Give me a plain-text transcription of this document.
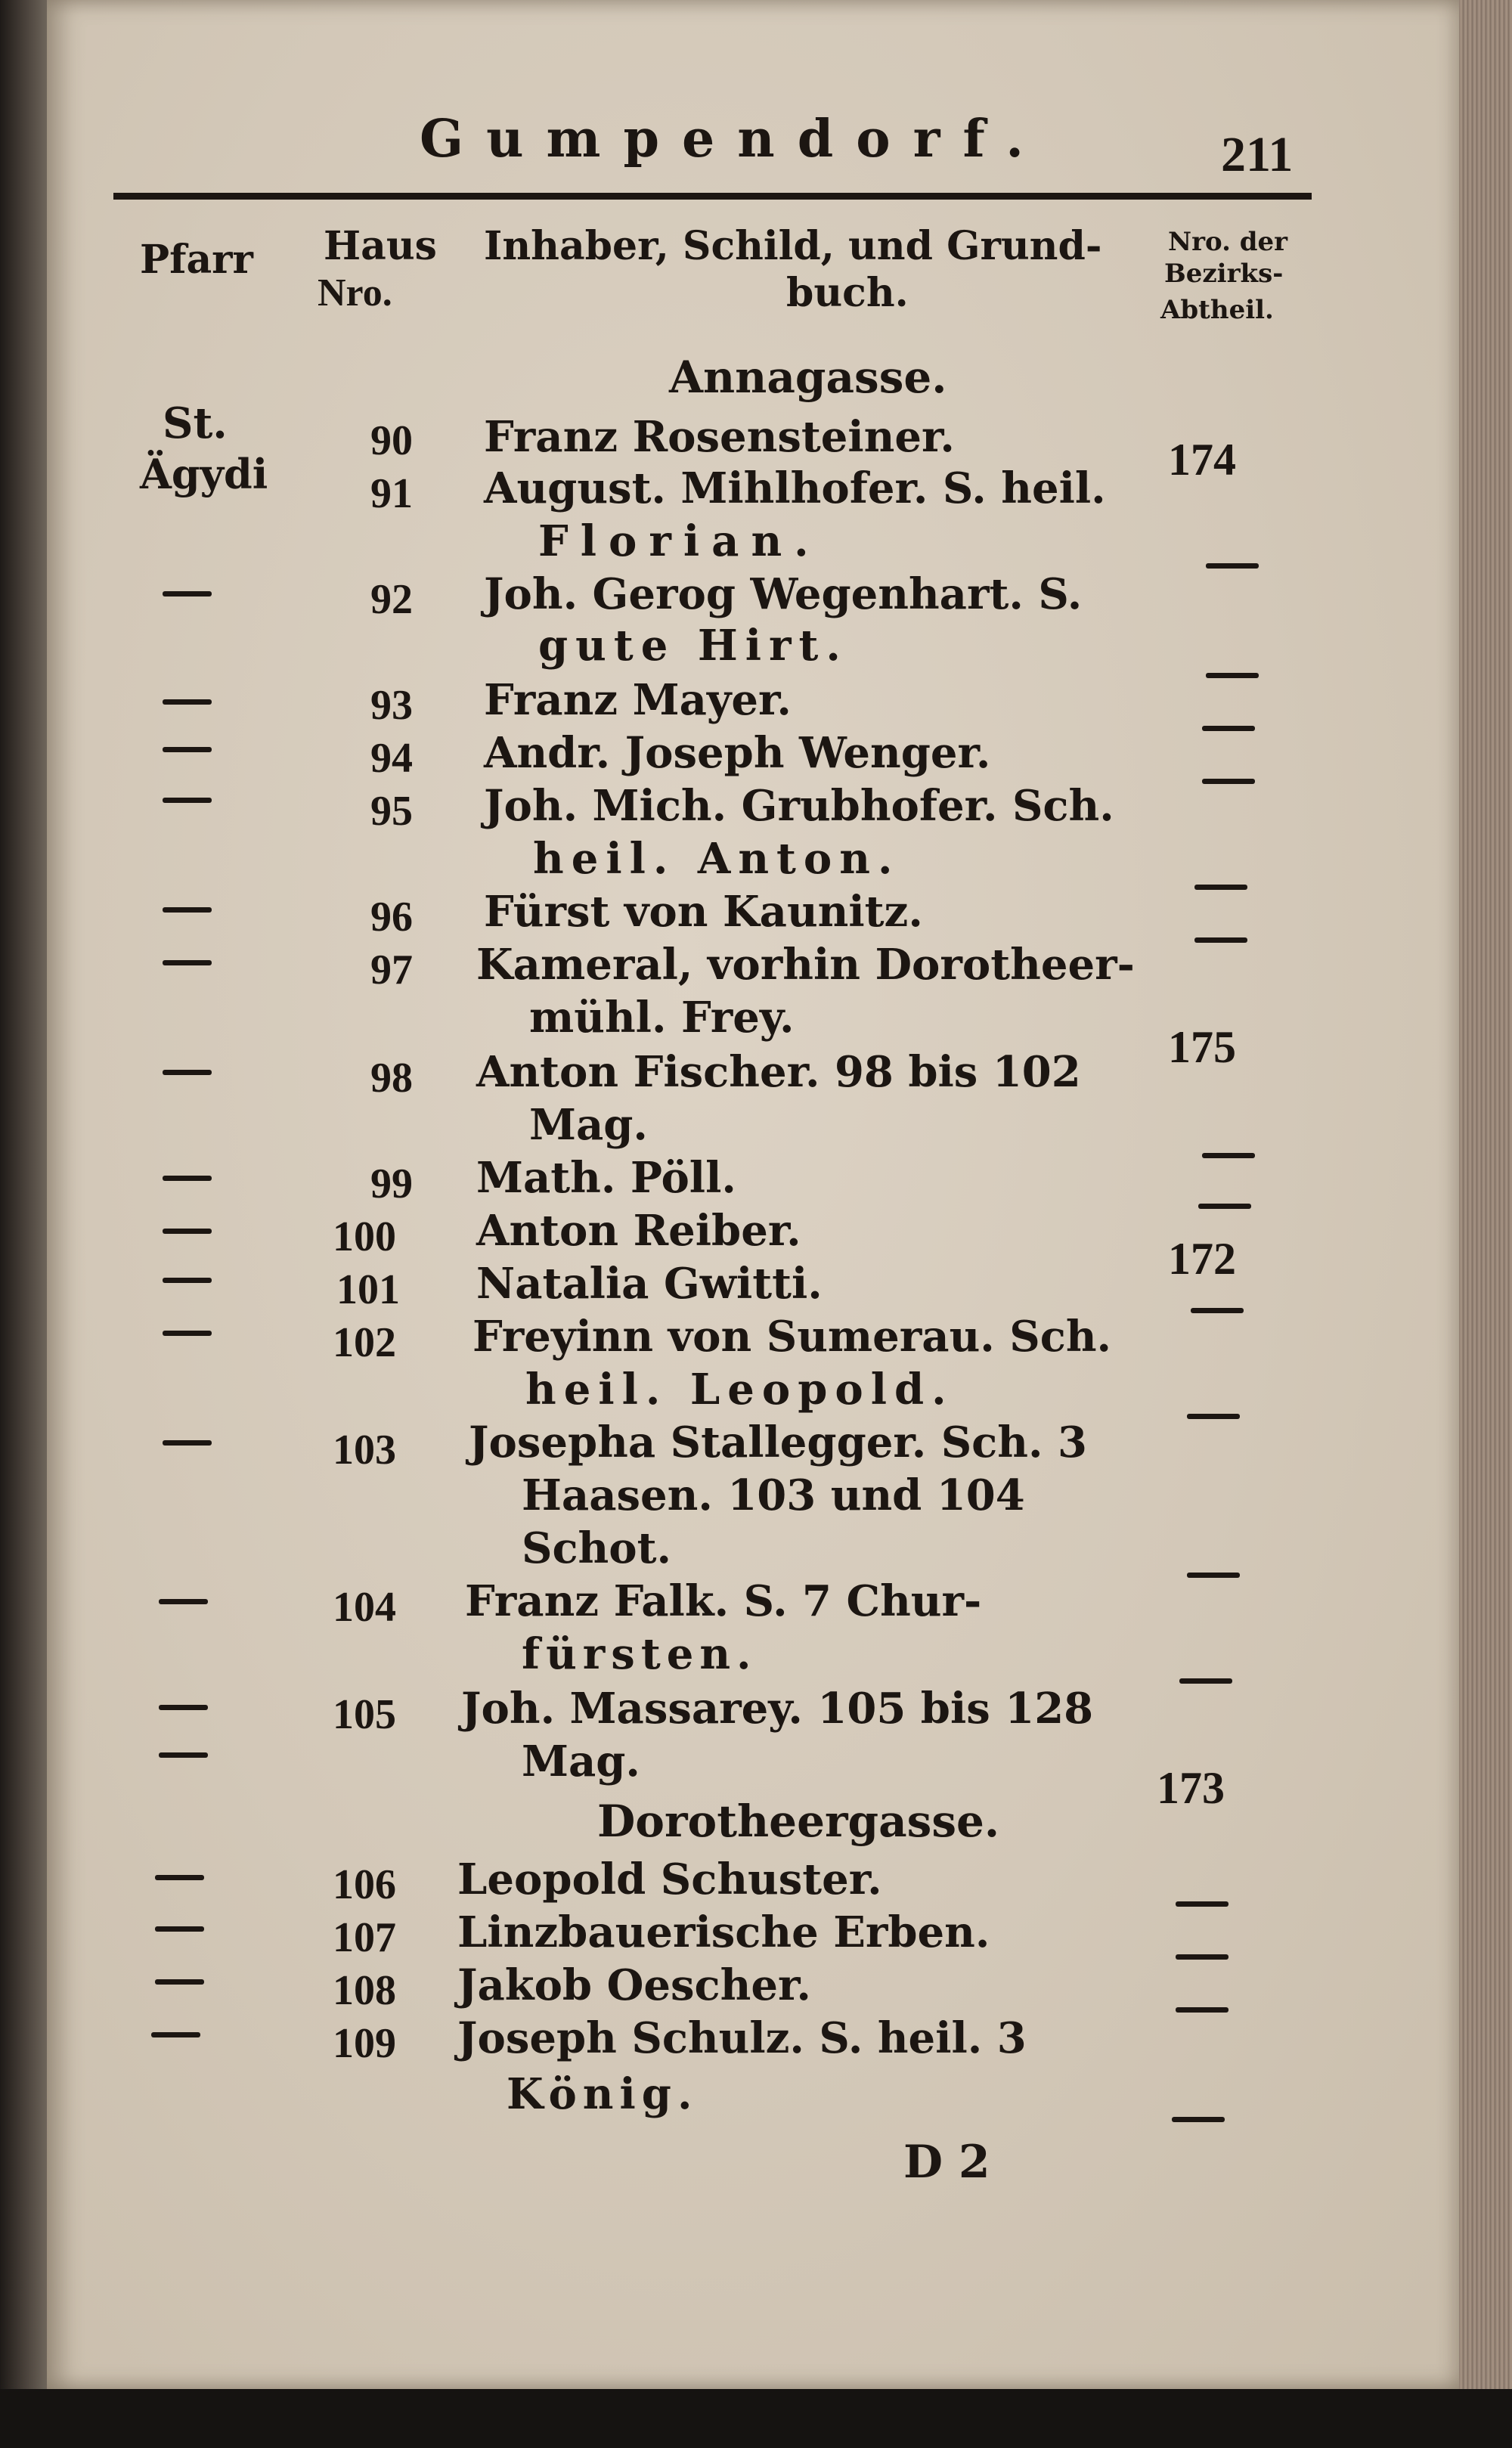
Gumpendorf.	211
Pfarr Haus
Nro.
Inhaber, Schild, und Grund-
buch.
Nro. der
Bezirks-
Abtheil.
Annagasse.
St.
Ägydi
90 Franz Rosensteiner.
91 August. Mihlhofer. S. heil.
Florian.
92 Joh. Gerog Wegenhart. S.
gute Hirt.
93 Franz Mayer.
94 Andr. Joseph Wenger.
95 Joh. Mich. Grubhofer. Sch.
heil. Anton.
96 Fürst von Kaunitz.
97 Kameral, vorhin Dorotheer-
mühl. Frey.
98 Anton Fischer. 98 bis 102
Mag.
99 Math. Pöll.
100 Anton Reiber.
101 Natalia Gwitti.
102 Freyinn von Sumerau. Sch.
heil. Leopold.
103 Josepha Stallegger. Sch. 3
Haasen. 103 und 104
Schot.
104 Franz Falk. S. 7 Chur-
fürsten.
105 Joh. Massarey. 105 bis 128
Mag.
Dorotheergasse.
106 Leopold Schuster.
107 Linzbauerische Erben.
108 Jakob Oescher.
109 Joseph Schulz. S. heil. 3
König.
174
175
172
173
D 2
